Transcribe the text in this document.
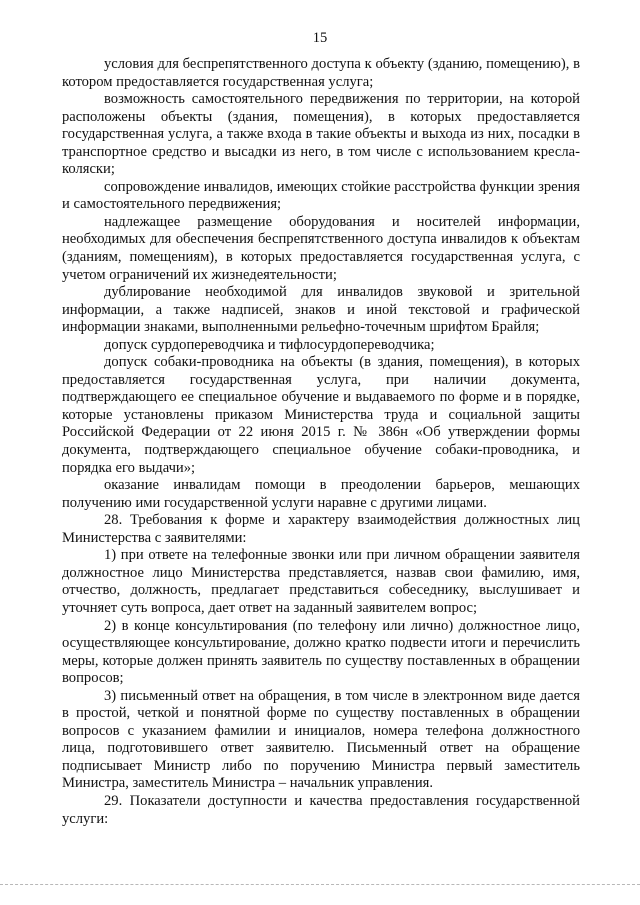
15

условия для беспрепятственного доступа к объекту (зданию, помещению), в котором предоставляется государственная услуга;

возможность самостоятельного передвижения по территории, на которой расположены объекты (здания, помещения), в которых предоставляется государственная услуга, а также входа в такие объекты и выхода из них, посадки в транспортное средство и высадки из него, в том числе с использованием кресла-коляски;

сопровождение инвалидов, имеющих стойкие расстройства функции зрения и самостоятельного передвижения;

надлежащее размещение оборудования и носителей информации, необходимых для обеспечения беспрепятственного доступа инвалидов к объектам (зданиям, помещениям), в которых предоставляется государственная услуга, с учетом ограничений их жизнедеятельности;

дублирование необходимой для инвалидов звуковой и зрительной информации, а также надписей, знаков и иной текстовой и графической информации знаками, выполненными рельефно-точечным шрифтом Брайля;

допуск сурдопереводчика и тифлосурдопереводчика;

допуск собаки-проводника на объекты (в здания, помещения), в которых предоставляется государственная услуга, при наличии документа, подтверждающего ее специальное обучение и выдаваемого по форме и в порядке, которые установлены приказом Министерства труда и социальной защиты Российской Федерации от 22 июня 2015 г. № 386н «Об утверждении формы документа, подтверждающего специальное обучение собаки-проводника, и порядка его выдачи»;

оказание инвалидам помощи в преодолении барьеров, мешающих получению ими государственной услуги наравне с другими лицами.

28. Требования к форме и характеру взаимодействия должностных лиц Министерства с заявителями:

1) при ответе на телефонные звонки или при личном обращении заявителя должностное лицо Министерства представляется, назвав свои фамилию, имя, отчество, должность, предлагает представиться собеседнику, выслушивает и уточняет суть вопроса, дает ответ на заданный заявителем вопрос;

2) в конце консультирования (по телефону или лично) должностное лицо, осуществляющее консультирование, должно кратко подвести итоги и перечислить меры, которые должен принять заявитель по существу поставленных в обращении вопросов;

3) письменный ответ на обращения, в том числе в электронном виде дается в простой, четкой и понятной форме по существу поставленных в обращении вопросов с указанием фамилии и инициалов, номера телефона должностного лица, подготовившего ответ заявителю. Письменный ответ на обращение подписывает Министр либо по поручению Министра первый заместитель Министра, заместитель Министра – начальник управления.

29. Показатели доступности и качества предоставления государственной услуги:
